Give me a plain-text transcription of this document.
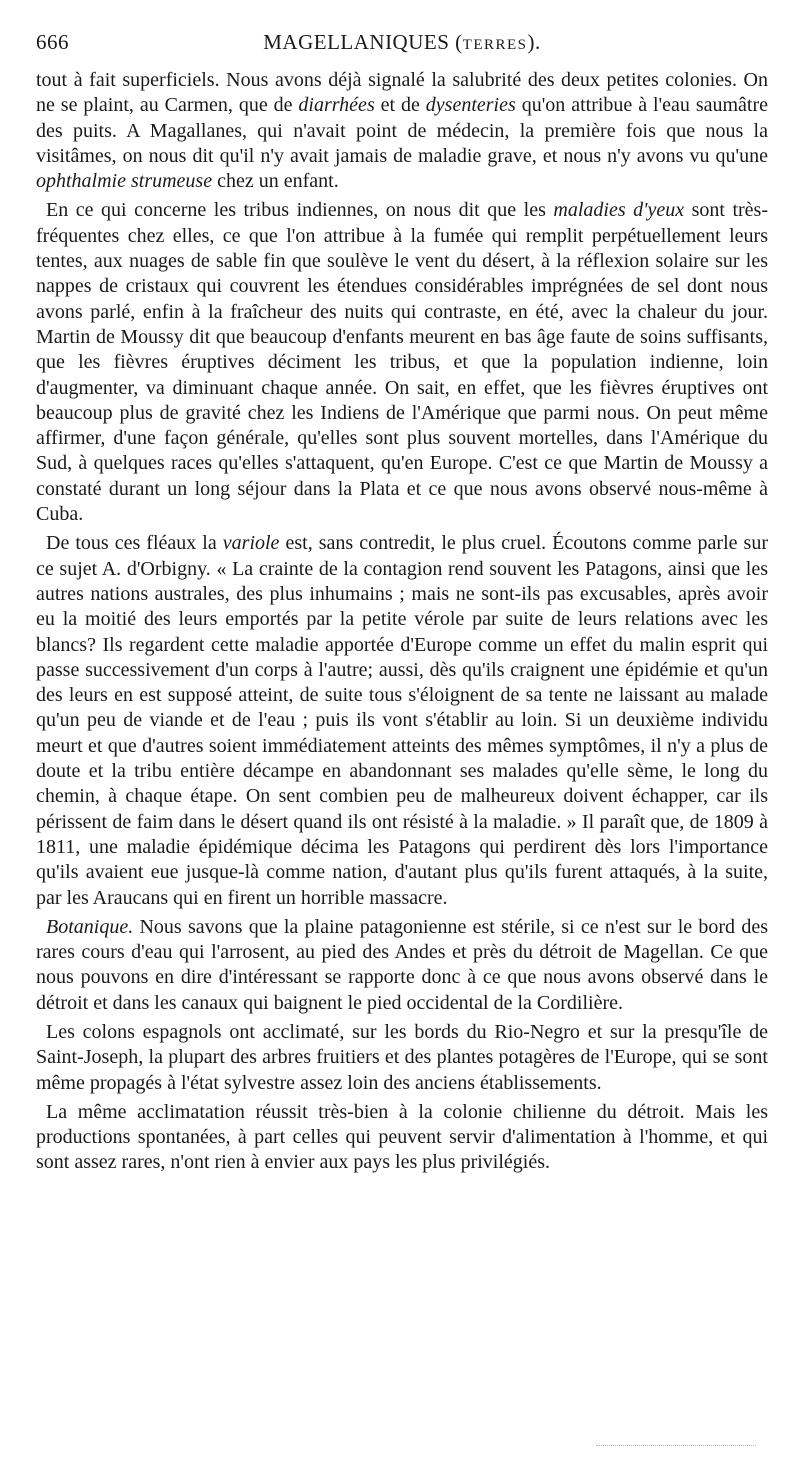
666	MAGELLANIQUES (TERRES).

tout à fait superficiels. Nous avons déjà signalé la salubrité des deux petites colonies. On ne se plaint, au Carmen, que de diarrhées et de dysenteries qu'on attribue à l'eau saumâtre des puits. A Magallanes, qui n'avait point de médecin, la première fois que nous la visitâmes, on nous dit qu'il n'y avait jamais de maladie grave, et nous n'y avons vu qu'une ophthalmie strumeuse chez un enfant.

En ce qui concerne les tribus indiennes, on nous dit que les maladies d'yeux sont très-fréquentes chez elles, ce que l'on attribue à la fumée qui remplit perpétuellement leurs tentes, aux nuages de sable fin que soulève le vent du désert, à la réflexion solaire sur les nappes de cristaux qui couvrent les étendues considérables imprégnées de sel dont nous avons parlé, enfin à la fraîcheur des nuits qui contraste, en été, avec la chaleur du jour. Martin de Moussy dit que beaucoup d'enfants meurent en bas âge faute de soins suffisants, que les fièvres éruptives déciment les tribus, et que la population indienne, loin d'augmenter, va diminuant chaque année. On sait, en effet, que les fièvres éruptives ont beaucoup plus de gravité chez les Indiens de l'Amérique que parmi nous. On peut même affirmer, d'une façon générale, qu'elles sont plus souvent mortelles, dans l'Amérique du Sud, à quelques races qu'elles s'attaquent, qu'en Europe. C'est ce que Martin de Moussy a constaté durant un long séjour dans la Plata et ce que nous avons observé nous-même à Cuba.

De tous ces fléaux la variole est, sans contredit, le plus cruel. Écoutons comme parle sur ce sujet A. d'Orbigny. « La crainte de la contagion rend souvent les Patagons, ainsi que les autres nations australes, des plus inhumains ; mais ne sont-ils pas excusables, après avoir eu la moitié des leurs emportés par la petite vérole par suite de leurs relations avec les blancs? Ils regardent cette maladie apportée d'Europe comme un effet du malin esprit qui passe successivement d'un corps à l'autre; aussi, dès qu'ils craignent une épidémie et qu'un des leurs en est supposé atteint, de suite tous s'éloignent de sa tente ne laissant au malade qu'un peu de viande et de l'eau ; puis ils vont s'établir au loin. Si un deuxième individu meurt et que d'autres soient immédiatement atteints des mêmes symptômes, il n'y a plus de doute et la tribu entière décampe en abandonnant ses malades qu'elle sème, le long du chemin, à chaque étape. On sent combien peu de malheureux doivent échapper, car ils périssent de faim dans le désert quand ils ont résisté à la maladie. » Il paraît que, de 1809 à 1811, une maladie épidémique décima les Patagons qui perdirent dès lors l'importance qu'ils avaient eue jusque-là comme nation, d'autant plus qu'ils furent attaqués, à la suite, par les Araucans qui en firent un horrible massacre.

Botanique. Nous savons que la plaine patagonienne est stérile, si ce n'est sur le bord des rares cours d'eau qui l'arrosent, au pied des Andes et près du détroit de Magellan. Ce que nous pouvons en dire d'intéressant se rapporte donc à ce que nous avons observé dans le détroit et dans les canaux qui baignent le pied occidental de la Cordilière.

Les colons espagnols ont acclimaté, sur les bords du Rio-Negro et sur la presqu'île de Saint-Joseph, la plupart des arbres fruitiers et des plantes potagères de l'Europe, qui se sont même propagés à l'état sylvestre assez loin des anciens établissements.

La même acclimatation réussit très-bien à la colonie chilienne du détroit. Mais les productions spontanées, à part celles qui peuvent servir d'alimentation à l'homme, et qui sont assez rares, n'ont rien à envier aux pays les plus privilégiés.
